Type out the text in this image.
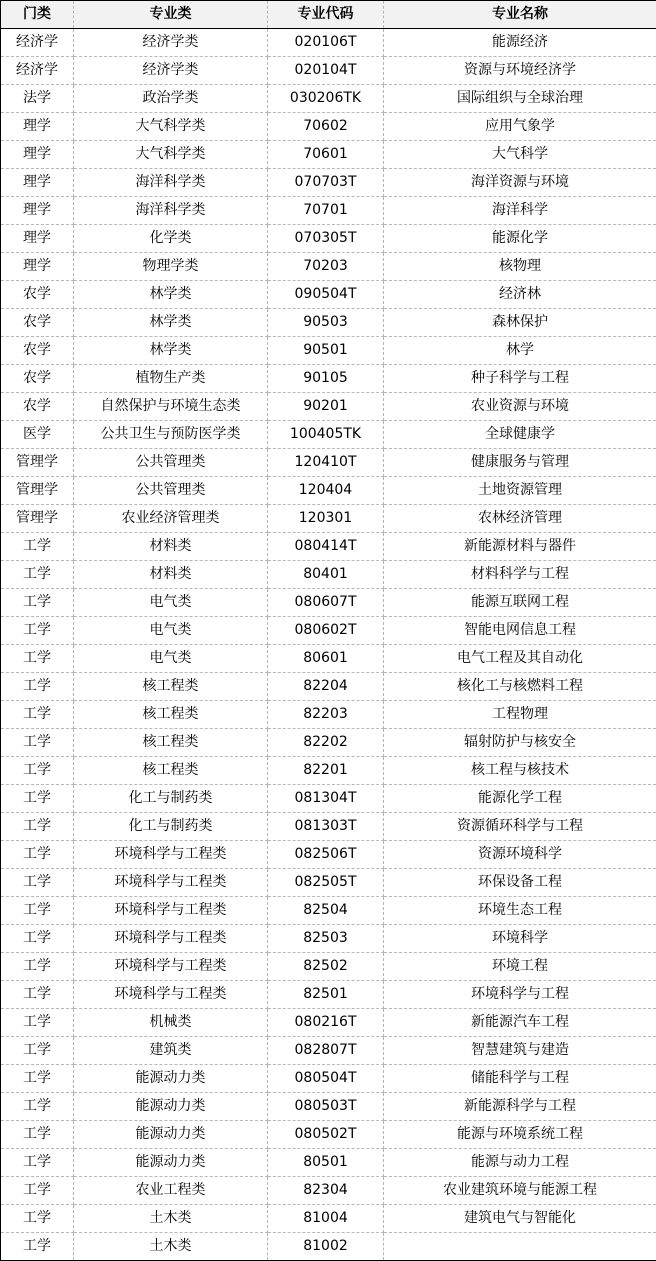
门类	专业类	专业代码	专业名称
经济学	经济学类	020106T	能源经济
经济学	经济学类	020104T	资源与环境经济学
法学	政治学类	030206TK	国际组织与全球治理
理学	大气科学类	70602	应用气象学
理学	大气科学类	70601	大气科学
理学	海洋科学类	070703T	海洋资源与环境
理学	海洋科学类	70701	海洋科学
理学	化学类	070305T	能源化学
理学	物理学类	70203	核物理
农学	林学类	090504T	经济林
农学	林学类	90503	森林保护
农学	林学类	90501	林学
农学	植物生产类	90105	种子科学与工程
农学	自然保护与环境生态类	90201	农业资源与环境
医学	公共卫生与预防医学类	100405TK	全球健康学
管理学	公共管理类	120410T	健康服务与管理
管理学	公共管理类	120404	土地资源管理
管理学	农业经济管理类	120301	农林经济管理
工学	材料类	080414T	新能源材料与器件
工学	材料类	80401	材料科学与工程
工学	电气类	080607T	能源互联网工程
工学	电气类	080602T	智能电网信息工程
工学	电气类	80601	电气工程及其自动化
工学	核工程类	82204	核化工与核燃料工程
工学	核工程类	82203	工程物理
工学	核工程类	82202	辐射防护与核安全
工学	核工程类	82201	核工程与核技术
工学	化工与制药类	081304T	能源化学工程
工学	化工与制药类	081303T	资源循环科学与工程
工学	环境科学与工程类	082506T	资源环境科学
工学	环境科学与工程类	082505T	环保设备工程
工学	环境科学与工程类	82504	环境生态工程
工学	环境科学与工程类	82503	环境科学
工学	环境科学与工程类	82502	环境工程
工学	环境科学与工程类	82501	环境科学与工程
工学	机械类	080216T	新能源汽车工程
工学	建筑类	082807T	智慧建筑与建造
工学	能源动力类	080504T	储能科学与工程
工学	能源动力类	080503T	新能源科学与工程
工学	能源动力类	080502T	能源与环境系统工程
工学	能源动力类	80501	能源与动力工程
工学	农业工程类	82304	农业建筑环境与能源工程
工学	土木类	81004	建筑电气与智能化
工学	土木类	81002	
